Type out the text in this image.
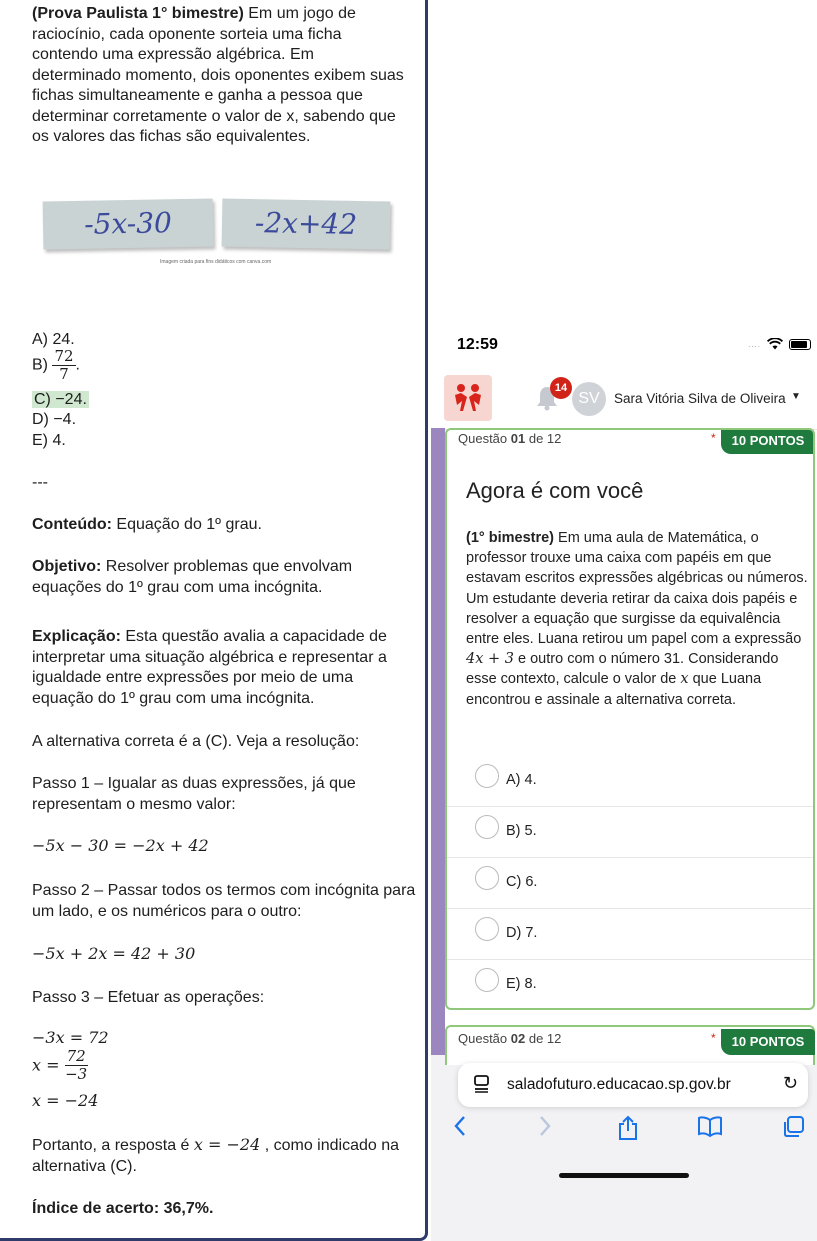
(Prova Paulista 1° bimestre) Em um jogo de raciocínio, cada oponente sorteia uma ficha contendo uma expressão algébrica. Em determinado momento, dois oponentes exibem suas fichas simultaneamente e ganha a pessoa que determinar corretamente o valor de x, sabendo que os valores das fichas são equivalentes.
-5x-30	-2x+42
Imagem criada para fins didáticos com canva.com
A) 24.
$B) \frac{72}{7}$ .
C) −24.
D) −4.
E) 4.
---
Conteúdo: Equação do 1º grau.
Objetivo: Resolver problemas que envolvam equações do 1º grau com uma incógnita.
Explicação: Esta questão avalia a capacidade de interpretar uma situação algébrica e representar a igualdade entre expressões por meio de uma equação do 1º grau com uma incógnita.
A alternativa correta é a (C). Veja a resolução:
Passo 1 – Igualar as duas expressões, já que representam o mesmo valor:
−5x − 30 = −2x + 42
Passo 2 – Passar todos os termos com incógnita para um lado, e os numéricos para o outro:
−5x + 2x = 42 + 30
Passo 3 – Efetuar as operações:
−3x = 72
$x = \frac{72}{-3}$
x = −24
Portanto, a resposta é x = −24 , como indicado na alternativa (C).
Índice de acerto: 36,7%.
12:59	....
14
SV	Sara Vitória Silva de Oliveira ▼
Questão 01 de 12	*	10 PONTOS
Agora é com você
(1° bimestre) Em uma aula de Matemática, o professor trouxe uma caixa com papéis em que estavam escritos expressões algébricas ou números. Um estudante deveria retirar da caixa dois papéis e resolver a equação que surgisse da equivalência entre eles. Luana retirou um papel com a expressão 4x + 3 e outro com o número 31. Considerando esse contexto, calcule o valor de x que Luana encontrou e assinale a alternativa correta.
A) 4.
B) 5.
C) 6.
D) 7.
E) 8.
Questão 02 de 12	*	10 PONTOS
saladofuturo.educacao.sp.gov.br	↻
